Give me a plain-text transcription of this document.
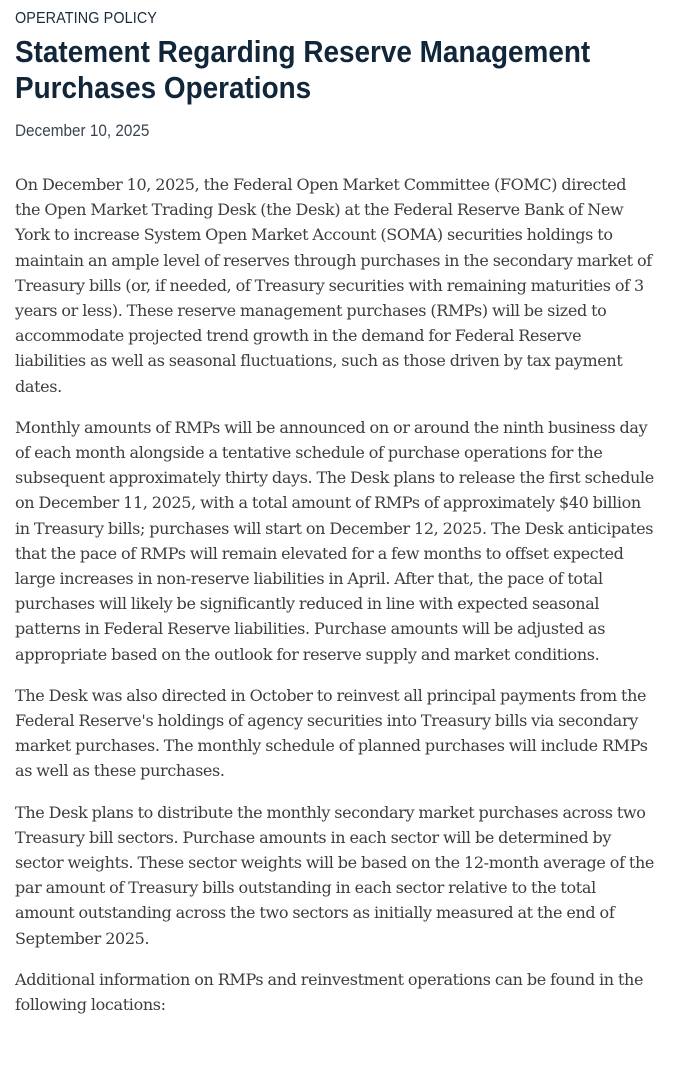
OPERATING POLICY
Statement Regarding Reserve Management Purchases Operations
December 10, 2025

On December 10, 2025, the Federal Open Market Committee (FOMC) directed the Open Market Trading Desk (the Desk) at the Federal Reserve Bank of New York to increase System Open Market Account (SOMA) securities holdings to maintain an ample level of reserves through purchases in the secondary market of Treasury bills (or, if needed, of Treasury securities with remaining maturities of 3 years or less). These reserve management purchases (RMPs) will be sized to accommodate projected trend growth in the demand for Federal Reserve liabilities as well as seasonal fluctuations, such as those driven by tax payment dates.

Monthly amounts of RMPs will be announced on or around the ninth business day of each month alongside a tentative schedule of purchase operations for the subsequent approximately thirty days. The Desk plans to release the first schedule on December 11, 2025, with a total amount of RMPs of approximately $40 billion in Treasury bills; purchases will start on December 12, 2025. The Desk anticipates that the pace of RMPs will remain elevated for a few months to offset expected large increases in non-reserve liabilities in April. After that, the pace of total purchases will likely be significantly reduced in line with expected seasonal patterns in Federal Reserve liabilities. Purchase amounts will be adjusted as appropriate based on the outlook for reserve supply and market conditions.

The Desk was also directed in October to reinvest all principal payments from the Federal Reserve's holdings of agency securities into Treasury bills via secondary market purchases. The monthly schedule of planned purchases will include RMPs as well as these purchases.

The Desk plans to distribute the monthly secondary market purchases across two Treasury bill sectors. Purchase amounts in each sector will be determined by sector weights. These sector weights will be based on the 12-month average of the par amount of Treasury bills outstanding in each sector relative to the total amount outstanding across the two sectors as initially measured at the end of September 2025.

Additional information on RMPs and reinvestment operations can be found in the following locations:
